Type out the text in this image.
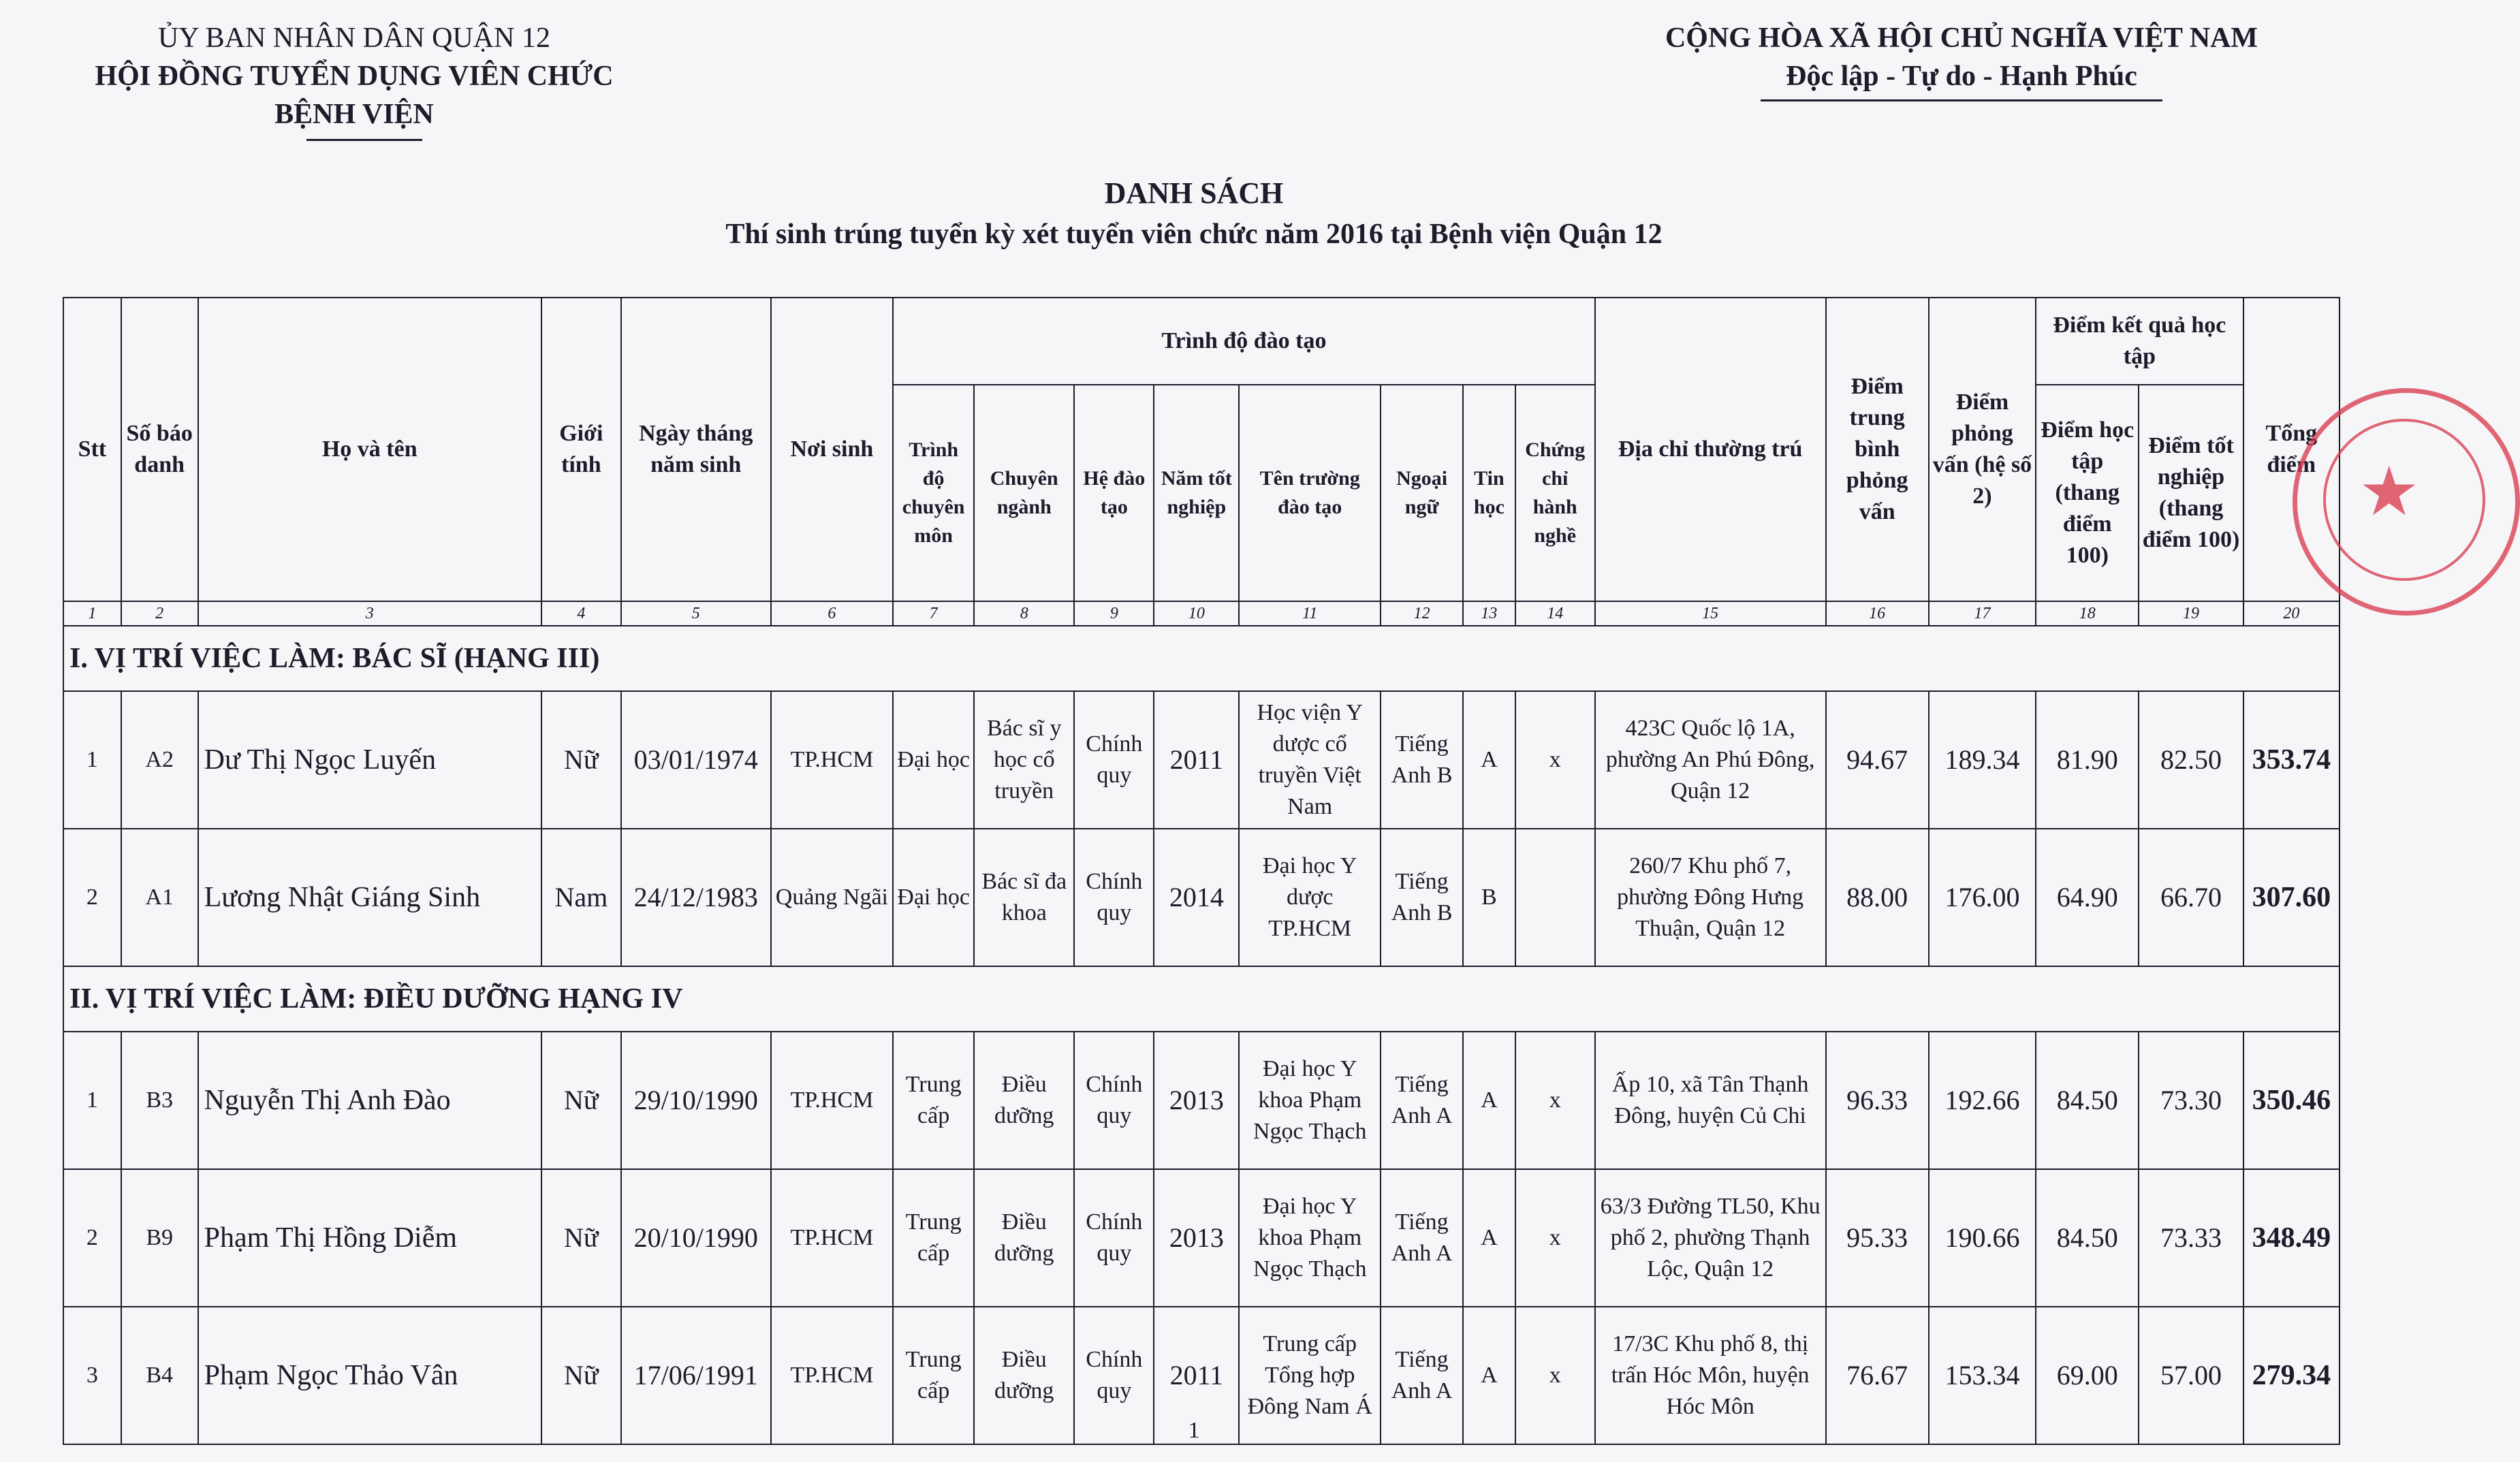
ỦY BAN NHÂN DÂN QUẬN 12
HỘI ĐỒNG TUYỂN DỤNG VIÊN CHỨC
BỆNH VIỆN
CỘNG HÒA XÃ HỘI CHỦ NGHĨA VIỆT NAM
Độc lập - Tự do - Hạnh Phúc
DANH SÁCH
Thí sinh trúng tuyển kỳ xét tuyển viên chức năm 2016 tại Bệnh viện Quận 12
Stt	Số báo danh	Họ và tên	Giới tính	Ngày tháng năm sinh	Nơi sinh	Trình độ đào tạo								Địa chỉ thường trú	Điểm trung bình phỏng vấn	Điểm phỏng vấn (hệ số 2)	Điểm kết quả học tập		Tổng điểm
						Trình độ chuyên môn	Chuyên ngành	Hệ đào tạo	Năm tốt nghiệp	Tên trường đào tạo	Ngoại ngữ	Tin học	Chứng chỉ hành nghề				Điểm học tập (thang điểm 100)	Điểm tốt nghiệp (thang điểm 100)	
1	2	3	4	5	6	7	8	9	10	11	12	13	14	15	16	17	18	19	20
I. VỊ TRÍ VIỆC LÀM: BÁC SĨ (HẠNG III)																			
1	A2	Dư Thị Ngọc Luyến	Nữ	03/01/1974	TP.HCM	Đại học	Bác sĩ y học cổ truyền	Chính quy	2011	Học viện Y dược cổ truyền Việt Nam	Tiếng Anh B	A	x	423C Quốc lộ 1A, phường An Phú Đông, Quận 12	94.67	189.34	81.90	82.50	353.74
2	A1	Lương Nhật Giáng Sinh	Nam	24/12/1983	Quảng Ngãi	Đại học	Bác sĩ đa khoa	Chính quy	2014	Đại học Y dược TP.HCM	Tiếng Anh B	B		260/7 Khu phố 7, phường Đông Hưng Thuận, Quận 12	88.00	176.00	64.90	66.70	307.60
II. VỊ TRÍ VIỆC LÀM: ĐIỀU DƯỠNG HẠNG IV																			
1	B3	Nguyễn Thị Anh Đào	Nữ	29/10/1990	TP.HCM	Trung cấp	Điều dưỡng	Chính quy	2013	Đại học Y khoa Phạm Ngọc Thạch	Tiếng Anh A	A	x	Ấp 10, xã Tân Thạnh Đông, huyện Củ Chi	96.33	192.66	84.50	73.30	350.46
2	B9	Phạm Thị Hồng Diễm	Nữ	20/10/1990	TP.HCM	Trung cấp	Điều dưỡng	Chính quy	2013	Đại học Y khoa Phạm Ngọc Thạch	Tiếng Anh A	A	x	63/3 Đường TL50, Khu phố 2, phường Thạnh Lộc, Quận 12	95.33	190.66	84.50	73.33	348.49
3	B4	Phạm Ngọc Thảo Vân	Nữ	17/06/1991	TP.HCM	Trung cấp	Điều dưỡng	Chính quy	2011	Trung cấp Tổng hợp Đông Nam Á	Tiếng Anh A	A	x	17/3C Khu phố 8, thị trấn Hóc Môn, huyện Hóc Môn	76.67	153.34	69.00	57.00	279.34
1
★
